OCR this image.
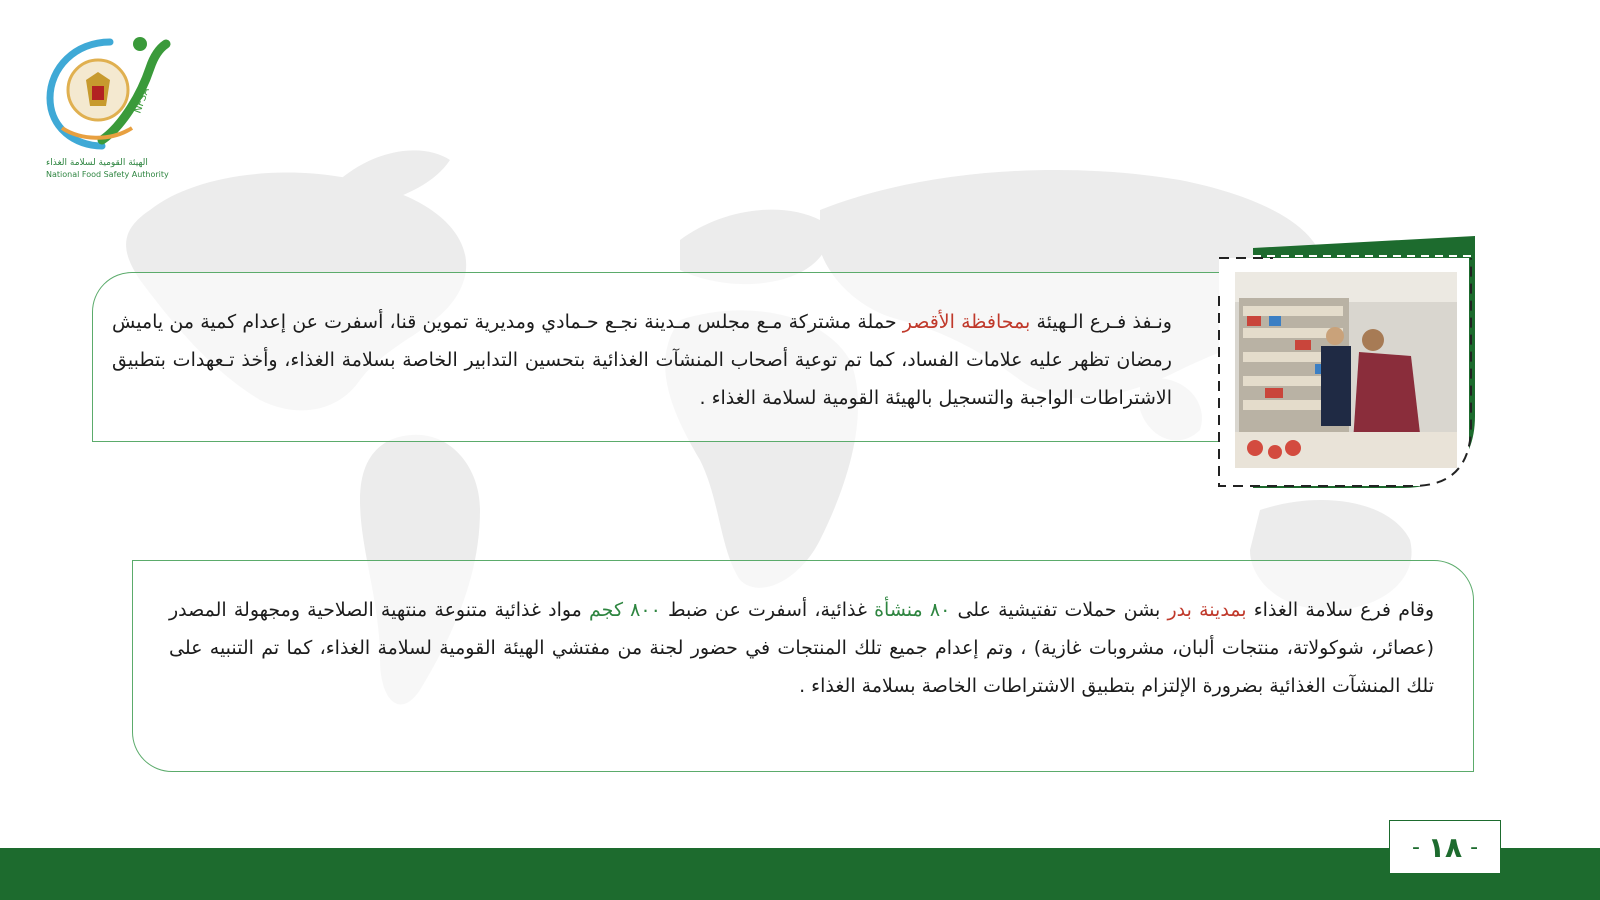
NFSA
الهيئة القومية لسلامة الغذاء
National Food Safety Authority

ونـفذ فـرع الـهيئة بمحافظة الأقصر حملة مشتركة مـع مجلس مـدينة نجـع حـمادي ومديرية تموين قنا، أسفرت عن إعدام كمية من ياميش رمضان تظهر عليه علامات الفساد، كما تم توعية أصحاب المنشآت الغذائية بتحسين التدابير الخاصة بسلامة الغذاء، وأخذ تـعهدات بتطبيق الاشتراطات الواجبة والتسجيل بالهيئة القومية لسلامة الغذاء .

وقام فرع سلامة الغذاء بمدينة بدر بشن حملات تفتيشية على ٨٠ منشأة غذائية، أسفرت عن ضبط ٨٠٠ كجم مواد غذائية متنوعة منتهية الصلاحية ومجهولة المصدر (عصائر، شوكولاتة، منتجات ألبان، مشروبات غازية) ، وتم إعدام جميع تلك المنتجات في حضور لجنة من مفتشي الهيئة القومية لسلامة الغذاء، كما تم التنبيه على تلك المنشآت الغذائية بضرورة الإلتزام بتطبيق الاشتراطات الخاصة بسلامة الغذاء .

- ١٨ -
